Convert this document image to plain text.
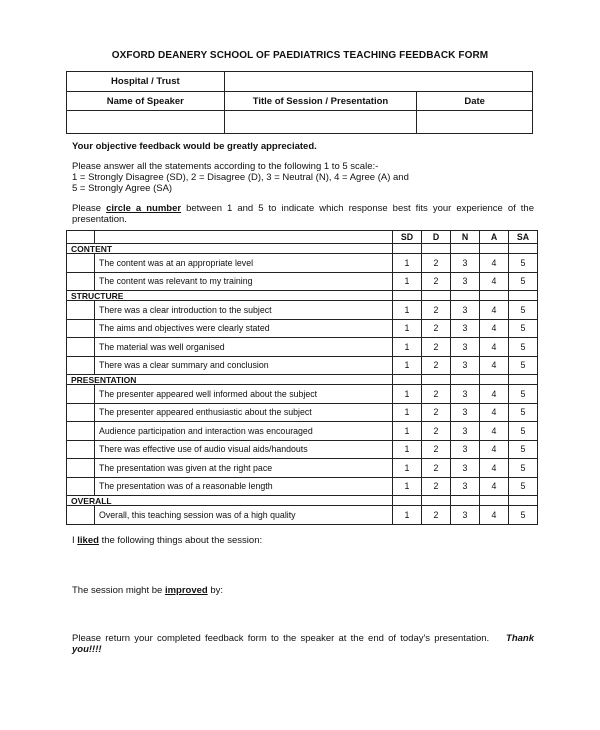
OXFORD DEANERY SCHOOL OF PAEDIATRICS TEACHING FEEDBACK FORM
Hospital / Trust		
Name of Speaker	Title of Session / Presentation	Date

Your objective feedback would be greatly appreciated.
Please answer all the statements according to the following 1 to 5 scale:-
1 = Strongly Disagree (SD), 2 = Disagree (D), 3 = Neutral (N), 4 = Agree (A) and
5 = Strongly Agree (SA)
Please circle a number between 1 and 5 to indicate which response best fits your experience of the presentation.
		SD	D	N	A	SA
CONTENT						
	The content was at an appropriate level	1	2	3	4	5
	The content was relevant to my training	1	2	3	4	5
STRUCTURE						
	There was a clear introduction to the subject	1	2	3	4	5
	The aims and objectives were clearly stated	1	2	3	4	5
	The material was well organised	1	2	3	4	5
	There was a clear summary and conclusion	1	2	3	4	5
PRESENTATION						
	The presenter appeared well informed about the subject	1	2	3	4	5
	The presenter appeared enthusiastic about the subject	1	2	3	4	5
	Audience participation and interaction was encouraged	1	2	3	4	5
	There was effective use of audio visual aids/handouts	1	2	3	4	5
	The presentation was given at the right pace	1	2	3	4	5
	The presentation was of a reasonable length	1	2	3	4	5
OVERALL						
	Overall, this teaching session was of a high quality	1	2	3	4	5
I liked the following things about the session:
The session might be improved by:
Please return your completed feedback form to the speaker at the end of today's presentation. Thank you!!!!
